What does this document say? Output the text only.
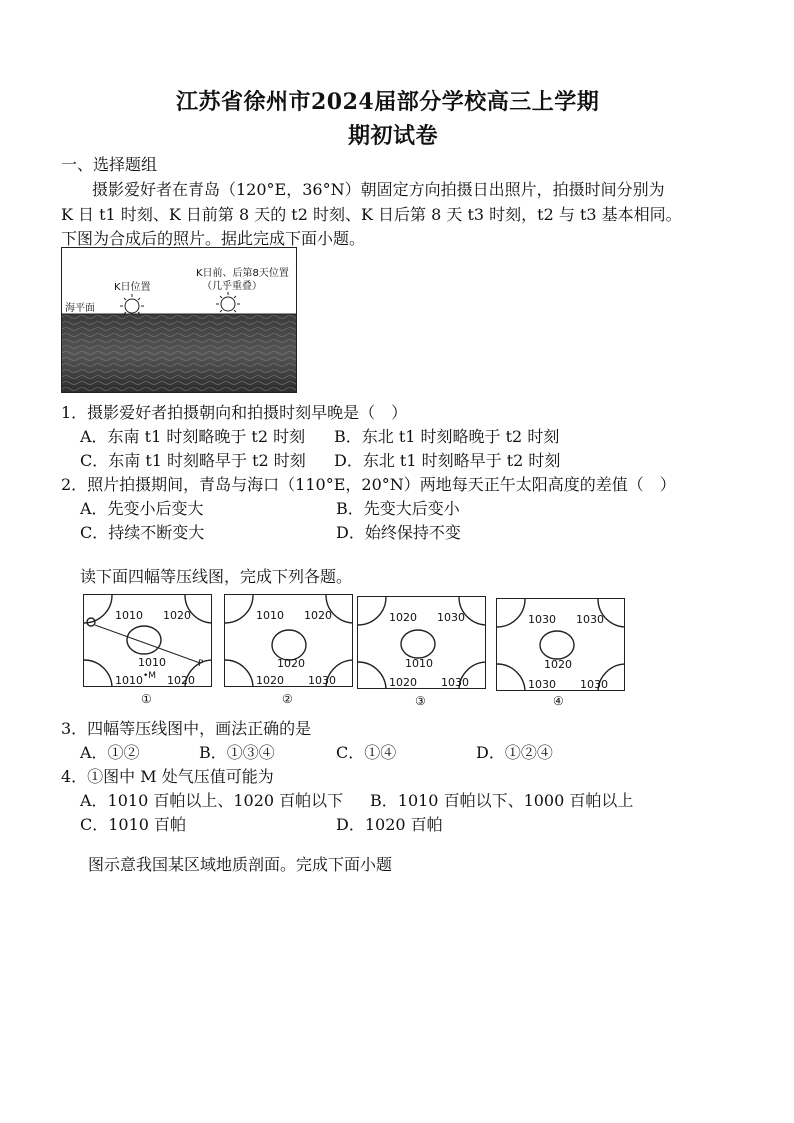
江苏省徐州市2024届部分学校高三上学期
期初试卷
一、选择题组
摄影爱好者在青岛（120°E，36°N）朝固定方向拍摄日出照片，拍摄时间分别为
K 日 t1 时刻、K 日前第 8 天的 t2 时刻、K 日后第 8 天 t3 时刻，t2 与 t3 基本相同。
下图为合成后的照片。据此完成下面小题。
海平面
K日位置
K日前、后第8天位置
（几乎重叠）
1．摄影爱好者拍摄朝向和拍摄时刻早晚是（　）
A．东南 t1 时刻略晚于 t2 时刻 B．东北 t1 时刻略晚于 t2 时刻
C．东南 t1 时刻略早于 t2 时刻 D．东北 t1 时刻略早于 t2 时刻
2．照片拍摄期间，青岛与海口（110°E，20°N）两地每天正午太阳高度的差值（　）
A．先变小后变大	B．先变大后变小
C．持续不断变大	D．始终保持不变
读下面四幅等压线图，完成下列各题。
1010 1020
1010
1010 1020
•M
P
①
1010 1020
1020
1020 1030
②
1020 1030
1010
1020 1030
③
1030 1030
1020
1030 1030
④
3．四幅等压线图中，画法正确的是
A．①②	B．①③④	C．①④	D．①②④
4．①图中 M 处气压值可能为
A．1010 百帕以上、1020 百帕以下 B．1010 百帕以下、1000 百帕以上
C．1010 百帕	D．1020 百帕
图示意我国某区域地质剖面。完成下面小题
